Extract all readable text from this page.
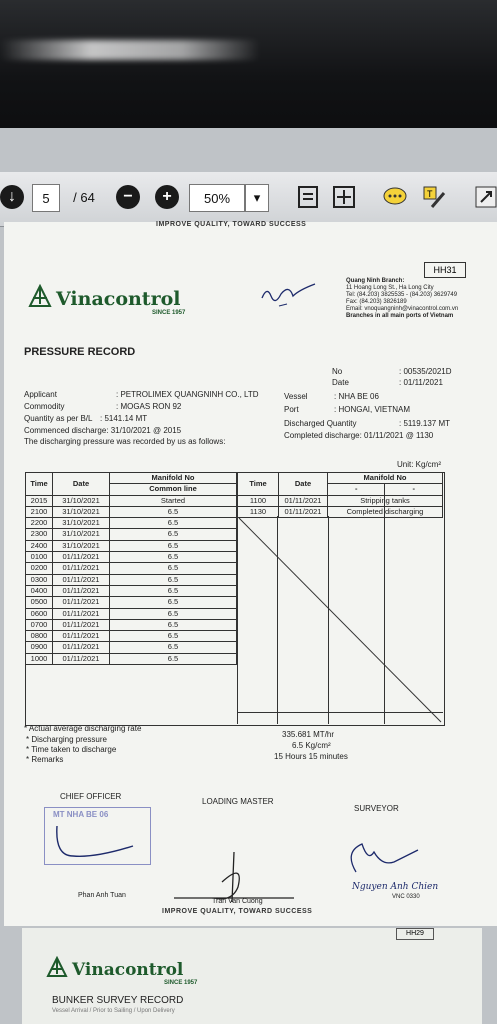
↓	5	/ 64	−	+	50%	▾	T
IMPROVE QUALITY, TOWARD SUCCESS
HH31
Vinacontrol
SINCE 1957
Quang Ninh Branch:
11 Hoang Long St., Ha Long City
Tel: (84.203) 3825535 - (84.203) 3629749
Fax: (84.203) 3826189
Email: vnoquangninh@vinacontrol.com.vn
Branches in all main ports of Vietnam
PRESSURE RECORD
No	: 00535/2021D
Date	: 01/11/2021
Applicant	: PETROLIMEX QUANGNINH CO., LTD
Commodity	: MOGAS RON 92
Quantity as per B/L : 5141.14 MT
Commenced discharge: 31/10/2021 @ 2015
The discharging pressure was recorded by us as follows:
Vessel	: NHA BE 06
Port	: HONGAI, VIETNAM
Discharged Quantity	: 5119.137 MT
Completed discharge: 01/11/2021 @ 1130
Unit: Kg/cm²
Time	Date	Manifold No
		Common line
2015	31/10/2021	Started
2100	31/10/2021	6.5
2200	31/10/2021	6.5
2300	31/10/2021	6.5
2400	31/10/2021	6.5
0100	01/11/2021	6.5
0200	01/11/2021	6.5
0300	01/11/2021	6.5
0400	01/11/2021	6.5
0500	01/11/2021	6.5
0600	01/11/2021	6.5
0700	01/11/2021	6.5
0800	01/11/2021	6.5
0900	01/11/2021	6.5
1000	01/11/2021	6.5
Time	Date	Manifold No	
		-	-
1100	01/11/2021	Stripping tanks	
1130	01/11/2021	Completed discharging	
* Actual average discharging rate
* Discharging pressure
* Time taken to discharge
* Remarks
335.681 MT/hr
6.5 Kg/cm²
15 Hours 15 minutes
CHIEF OFFICER
LOADING MASTER
SURVEYOR
MT NHA BE 06
Phan Anh Tuan
Tran Van Cuong
Nguyen Anh Chien
VNC 0330
IMPROVE QUALITY, TOWARD SUCCESS
HH29
Vinacontrol
SINCE 1957
BUNKER SURVEY RECORD
Vessel Arrival / Prior to Sailing / Upon Delivery
